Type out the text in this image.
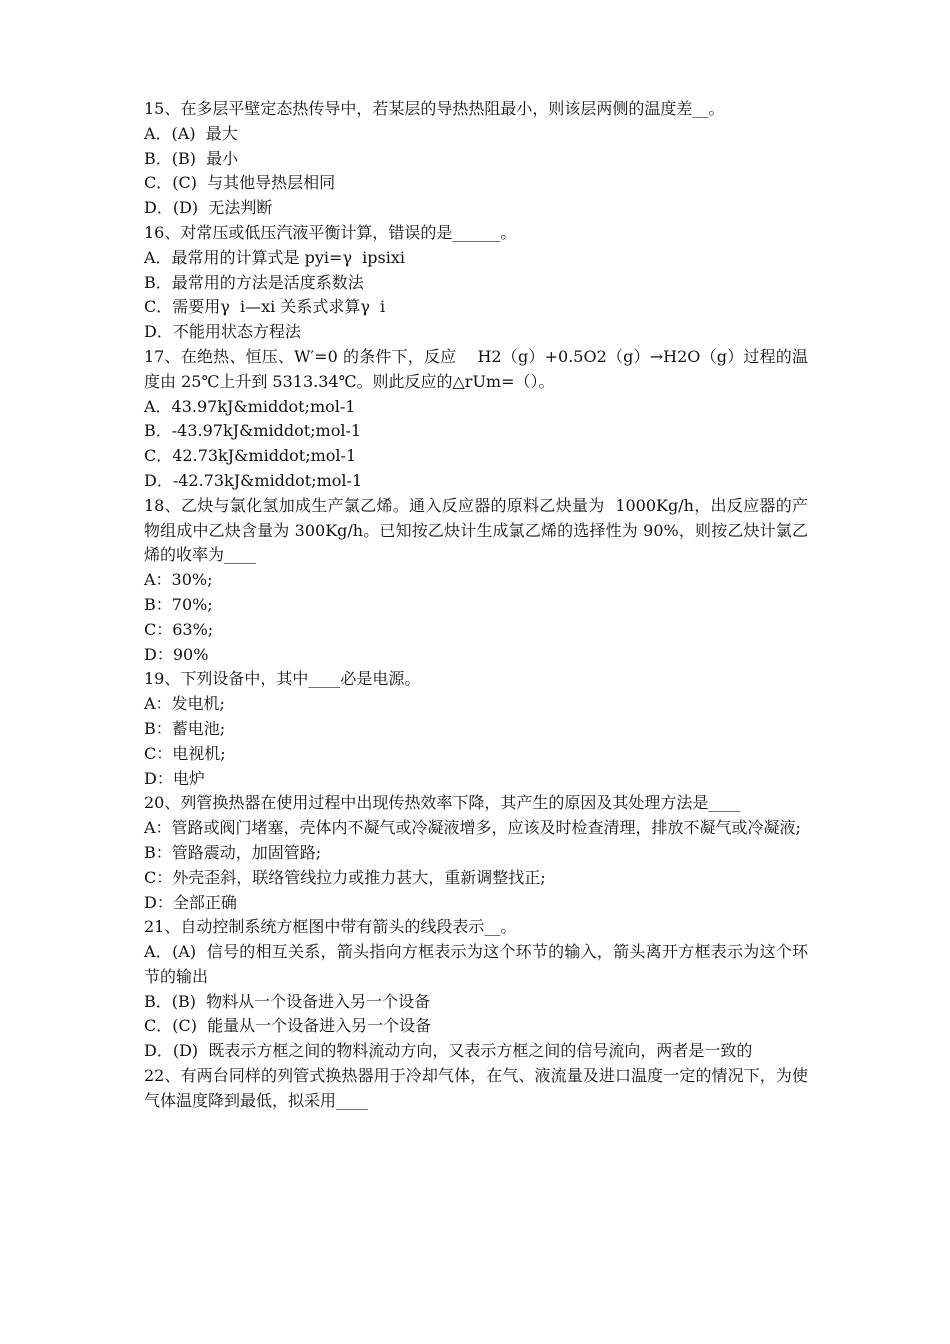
15、在多层平壁定态热传导中，若某层的导热热阻最小，则该层两侧的温度差__。

A．(A)  最大

B．(B)  最小

C．(C)  与其他导热层相同

D．(D)  无法判断

16、对常压或低压汽液平衡计算，错误的是______。

A．最常用的计算式是 pyi=γ  ipsixi

B．最常用的方法是活度系数法

C．需要用γ  i—xi 关系式求算γ  i

D．不能用状态方程法

17、在绝热、恒压、W′=0 的条件下，反应    H2（g）+0.5O2（g）→H2O（g）过程的温度由 25℃上升到 5313.34℃。则此反应的△rUm=（）。

A．43.97kJ&middot;mol-1

B．-43.97kJ&middot;mol-1

C．42.73kJ&middot;mol-1

D．-42.73kJ&middot;mol-1

18、乙炔与氯化氢加成生产氯乙烯。通入反应器的原料乙炔量为  1000Kg/h，出反应器的产物组成中乙炔含量为 300Kg/h。已知按乙炔计生成氯乙烯的选择性为 90%，则按乙炔计氯乙烯的收率为____

A：30%;

B：70%;

C：63%;

D：90%

19、下列设备中，其中____必是电源。

A：发电机;

B：蓄电池;

C：电视机;

D：电炉

20、列管换热器在使用过程中出现传热效率下降，其产生的原因及其处理方法是____

A：管路或阀门堵塞，壳体内不凝气或冷凝液增多，应该及时检查清理，排放不凝气或冷凝液;

B：管路震动，加固管路;

C：外壳歪斜，联络管线拉力或推力甚大，重新调整找正;

D：全部正确

21、自动控制系统方框图中带有箭头的线段表示__。

A．(A)  信号的相互关系，箭头指向方框表示为这个环节的输入，箭头离开方框表示为这个环节的输出

B．(B)  物料从一个设备进入另一个设备

C．(C)  能量从一个设备进入另一个设备

D．(D)  既表示方框之间的物料流动方向，又表示方框之间的信号流向，两者是一致的

22、有两台同样的列管式换热器用于冷却气体，在气、液流量及进口温度一定的情况下，为使气体温度降到最低，拟采用____
